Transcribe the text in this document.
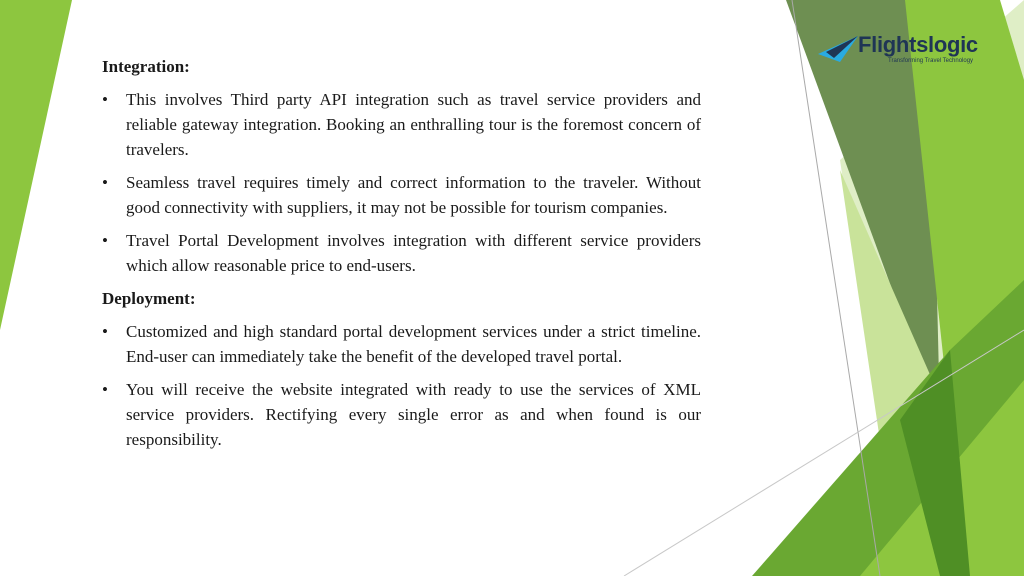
Flightslogic
Transforming Travel Technology

Integration:

• This involves Third party API integration such as travel service providers and reliable gateway integration. Booking an enthralling tour is the foremost concern of travelers.
• Seamless travel requires timely and correct information to the traveler. Without good connectivity with suppliers, it may not be possible for tourism companies.
• Travel Portal Development involves integration with different service providers which allow reasonable price to end-users.

Deployment:

• Customized and high standard portal development services under a strict timeline. End-user can immediately take the benefit of the developed travel portal.
• You will receive the website integrated with ready to use the services of XML service providers. Rectifying every single error as and when found is our responsibility.
